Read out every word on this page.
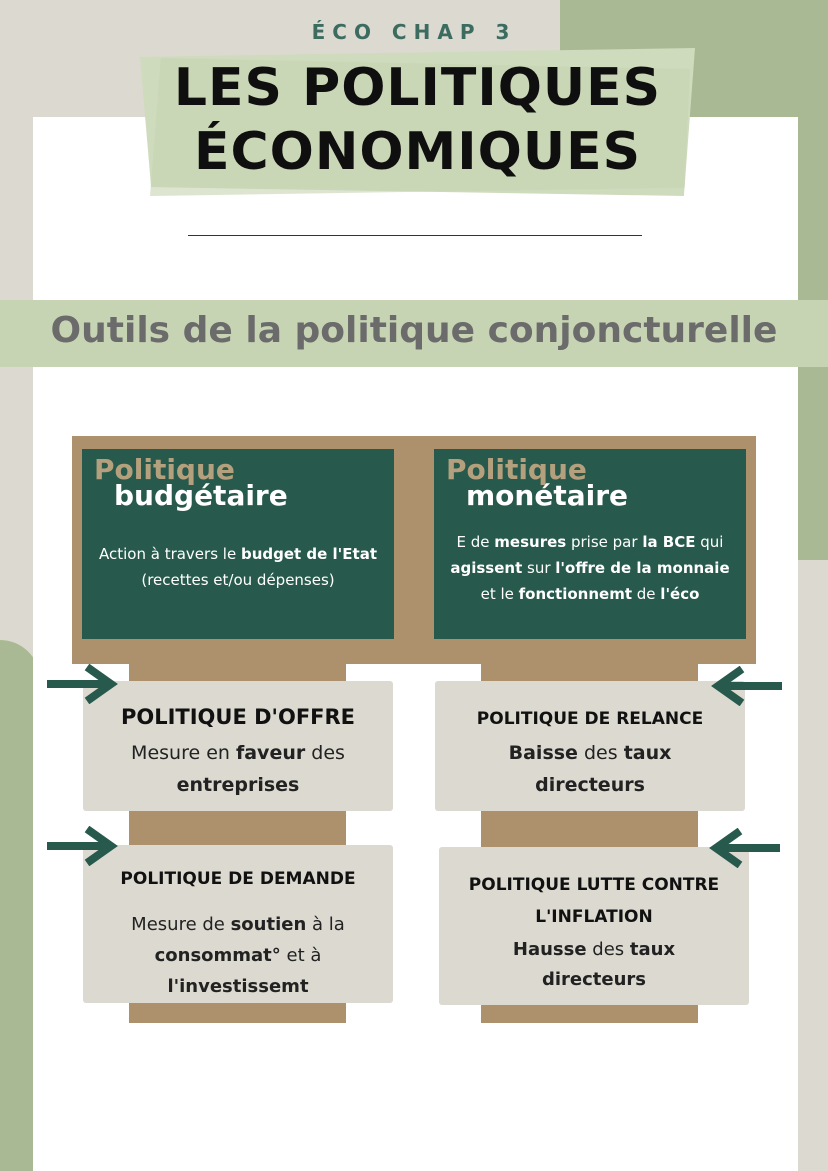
ÉCO CHAP 3
LES POLITIQUES
ÉCONOMIQUES
Outils de la politique conjoncturelle
Politique
budgétaire
Action à travers le budget de l'Etat (recettes et/ou dépenses)
Politique
monétaire
E de mesures prise par la BCE qui agissent sur l'offre de la monnaie et le fonctionnemt de l'éco
POLITIQUE D'OFFRE
Mesure en faveur des entreprises
POLITIQUE DE RELANCE
Baisse des taux directeurs
POLITIQUE DE DEMANDE
Mesure de soutien à la consommat° et à l'investissemt
POLITIQUE LUTTE CONTRE L'INFLATION
Hausse des taux directeurs
